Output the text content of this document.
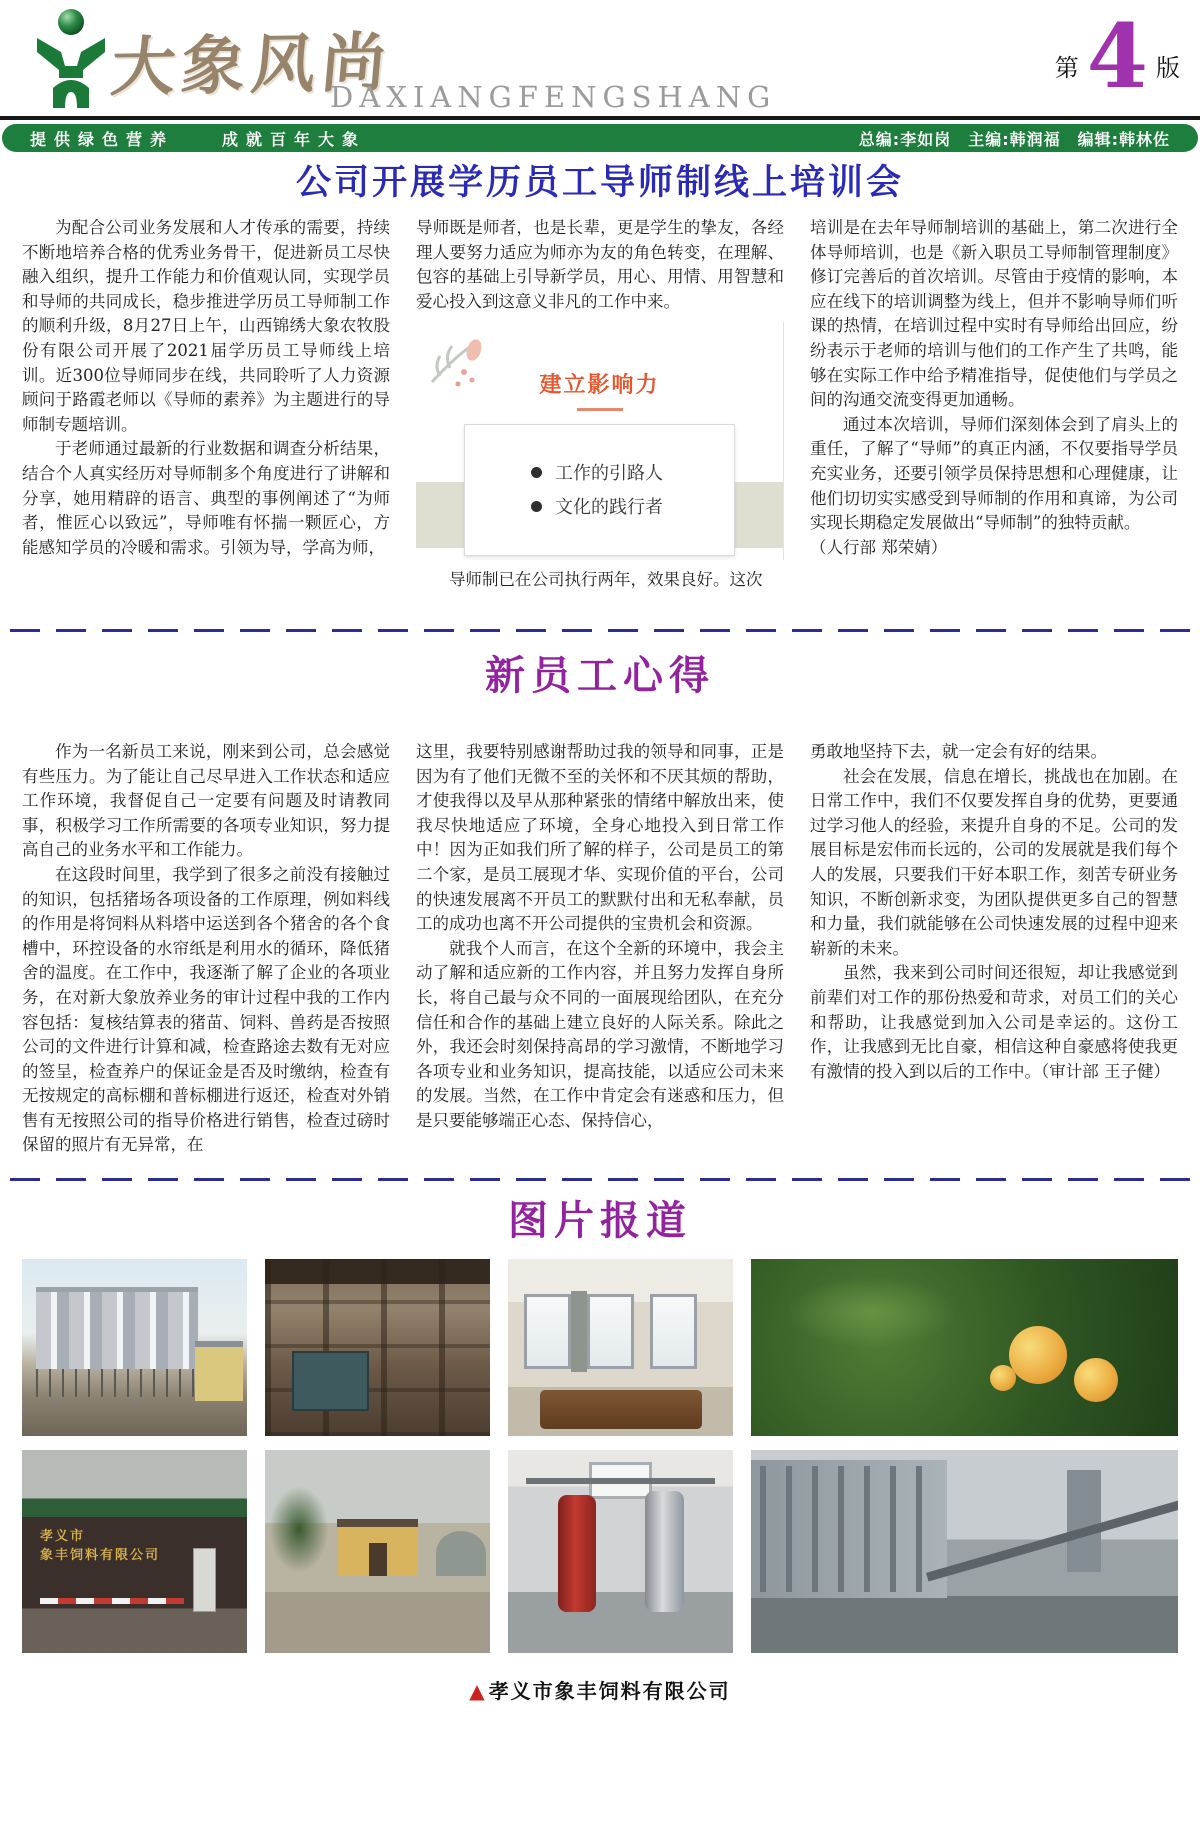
大象风尚
DAXIANGFENGSHANG
第 4 版
提供绿色营养　　成就百年大象	总编:李如岗　主编:韩润福　编辑:韩林佐
公司开展学历员工导师制线上培训会

为配合公司业务发展和人才传承的需要，持续不断地培养合格的优秀业务骨干，促进新员工尽快融入组织，提升工作能力和价值观认同，实现学员和导师的共同成长，稳步推进学历员工导师制工作的顺利升级，8月27日上午，山西锦绣大象农牧股份有限公司开展了2021届学历员工导师线上培训。近300位导师同步在线，共同聆听了人力资源顾问于路霞老师以《导师的素养》为主题进行的导师制专题培训。

于老师通过最新的行业数据和调查分析结果，结合个人真实经历对导师制多个角度进行了讲解和分享，她用精辟的语言、典型的事例阐述了“为师者，惟匠心以致远”，导师唯有怀揣一颗匠心，方能感知学员的冷暖和需求。引领为导，学高为师，

导师既是师者，也是长辈，更是学生的挚友，各经理人要努力适应为师亦为友的角色转变，在理解、包容的基础上引导新学员，用心、用情、用智慧和爱心投入到这意义非凡的工作中来。

建立影响力
工作的引路人
文化的践行者

导师制已在公司执行两年，效果良好。这次

培训是在去年导师制培训的基础上，第二次进行全体导师培训，也是《新入职员工导师制管理制度》修订完善后的首次培训。尽管由于疫情的影响，本应在线下的培训调整为线上，但并不影响导师们听课的热情，在培训过程中实时有导师给出回应，纷纷表示于老师的培训与他们的工作产生了共鸣，能够在实际工作中给予精准指导，促使他们与学员之间的沟通交流变得更加通畅。

通过本次培训，导师们深刻体会到了肩头上的重任，了解了“导师”的真正内涵，不仅要指导学员充实业务，还要引领学员保持思想和心理健康，让他们切切实实感受到导师制的作用和真谛，为公司实现长期稳定发展做出“导师制”的独特贡献。

（人行部 郑荣婧）

新员工心得

作为一名新员工来说，刚来到公司，总会感觉有些压力。为了能让自己尽早进入工作状态和适应工作环境，我督促自己一定要有问题及时请教同事，积极学习工作所需要的各项专业知识，努力提高自己的业务水平和工作能力。

在这段时间里，我学到了很多之前没有接触过的知识，包括猪场各项设备的工作原理，例如料线的作用是将饲料从料塔中运送到各个猪舍的各个食槽中，环控设备的水帘纸是利用水的循环，降低猪舍的温度。在工作中，我逐渐了解了企业的各项业务，在对新大象放养业务的审计过程中我的工作内容包括：复核结算表的猪苗、饲料、兽药是否按照公司的文件进行计算和减，检查路途去数有无对应的签呈，检查养户的保证金是否及时缴纳，检查有无按规定的高标棚和普标棚进行返还，检查对外销售有无按照公司的指导价格进行销售，检查过磅时保留的照片有无异常，在

这里，我要特别感谢帮助过我的领导和同事，正是因为有了他们无微不至的关怀和不厌其烦的帮助，才使我得以及早从那种紧张的情绪中解放出来，使我尽快地适应了环境，全身心地投入到日常工作中！因为正如我们所了解的样子，公司是员工的第二个家，是员工展现才华、实现价值的平台，公司的快速发展离不开员工的默默付出和无私奉献，员工的成功也离不开公司提供的宝贵机会和资源。

就我个人而言，在这个全新的环境中，我会主动了解和适应新的工作内容，并且努力发挥自身所长，将自己最与众不同的一面展现给团队，在充分信任和合作的基础上建立良好的人际关系。除此之外，我还会时刻保持高昂的学习激情，不断地学习各项专业和业务知识，提高技能，以适应公司未来的发展。当然，在工作中肯定会有迷惑和压力，但是只要能够端正心态、保持信心，

勇敢地坚持下去，就一定会有好的结果。

社会在发展，信息在增长，挑战也在加剧。在日常工作中，我们不仅要发挥自身的优势，更要通过学习他人的经验，来提升自身的不足。公司的发展目标是宏伟而长远的，公司的发展就是我们每个人的发展，只要我们干好本职工作，刻苦专研业务知识，不断创新求变，为团队提供更多自己的智慧和力量，我们就能够在公司快速发展的过程中迎来崭新的未来。

虽然，我来到公司时间还很短，却让我感觉到前辈们对工作的那份热爱和苛求，对员工们的关心和帮助，让我感觉到加入公司是幸运的。这份工作，让我感到无比自豪，相信这种自豪感将使我更有激情的投入到以后的工作中。（审计部 王子健）

图片报道
孝义市

象丰饲料有限公司
▲ 孝义市象丰饲料有限公司
